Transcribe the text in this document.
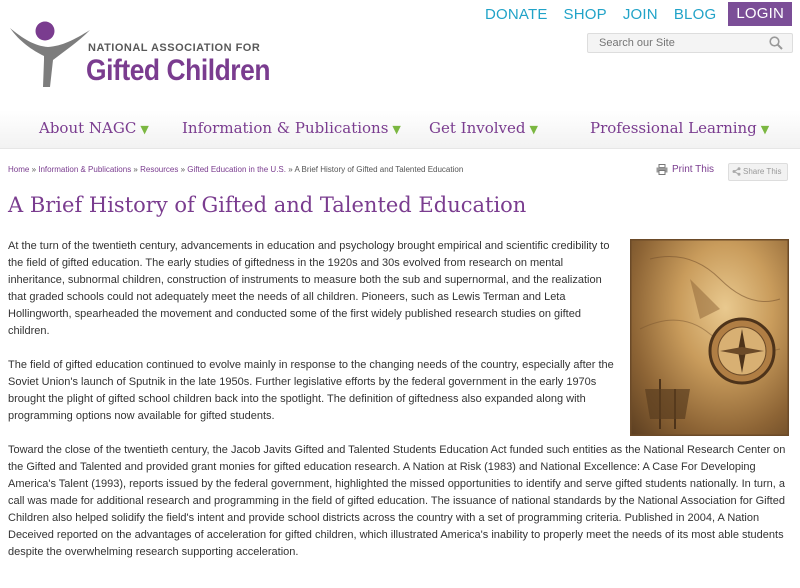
DONATE SHOP JOIN BLOG	LOGIN
Search our Site
NATIONAL ASSOCIATION FOR
Gifted Children
About NAGC ▼ Information & Publications ▼ Get Involved ▼	Professional Learning ▼
Home » Information & Publications » Resources » Gifted Education in the U.S. » A Brief History of Gifted and Talented Education	Print This	Share This
A Brief History of Gifted and Talented Education

At the turn of the twentieth century, advancements in education and psychology brought empirical and scientific credibility to the field of gifted education. The early studies of giftedness in the 1920s and 30s evolved from research on mental inheritance, subnormal children, construction of instruments to measure both the sub and supernormal, and the realization that graded schools could not adequately meet the needs of all children. Pioneers, such as Lewis Terman and Leta Hollingworth, spearheaded the movement and conducted some of the first widely published research studies on gifted children.

The field of gifted education continued to evolve mainly in response to the changing needs of the country, especially after the Soviet Union's launch of Sputnik in the late 1950s. Further legislative efforts by the federal government in the early 1970s brought the plight of gifted school children back into the spotlight. The definition of giftedness also expanded along with programming options now available for gifted students.

Toward the close of the twentieth century, the Jacob Javits Gifted and Talented Students Education Act funded such entities as the National Research Center on the Gifted and Talented and provided grant monies for gifted education research. A Nation at Risk (1983) and National Excellence: A Case For Developing America's Talent (1993), reports issued by the federal government, highlighted the missed opportunities to identify and serve gifted students nationally. In turn, a call was made for additional research and programming in the field of gifted education. The issuance of national standards by the National Association for Gifted Children also helped solidify the field's intent and provide school districts across the country with a set of programming criteria. Published in 2004, A Nation Deceived reported on the advantages of acceleration for gifted children, which illustrated America's inability to properly meet the needs of its most able students despite the overwhelming research supporting acceleration.
